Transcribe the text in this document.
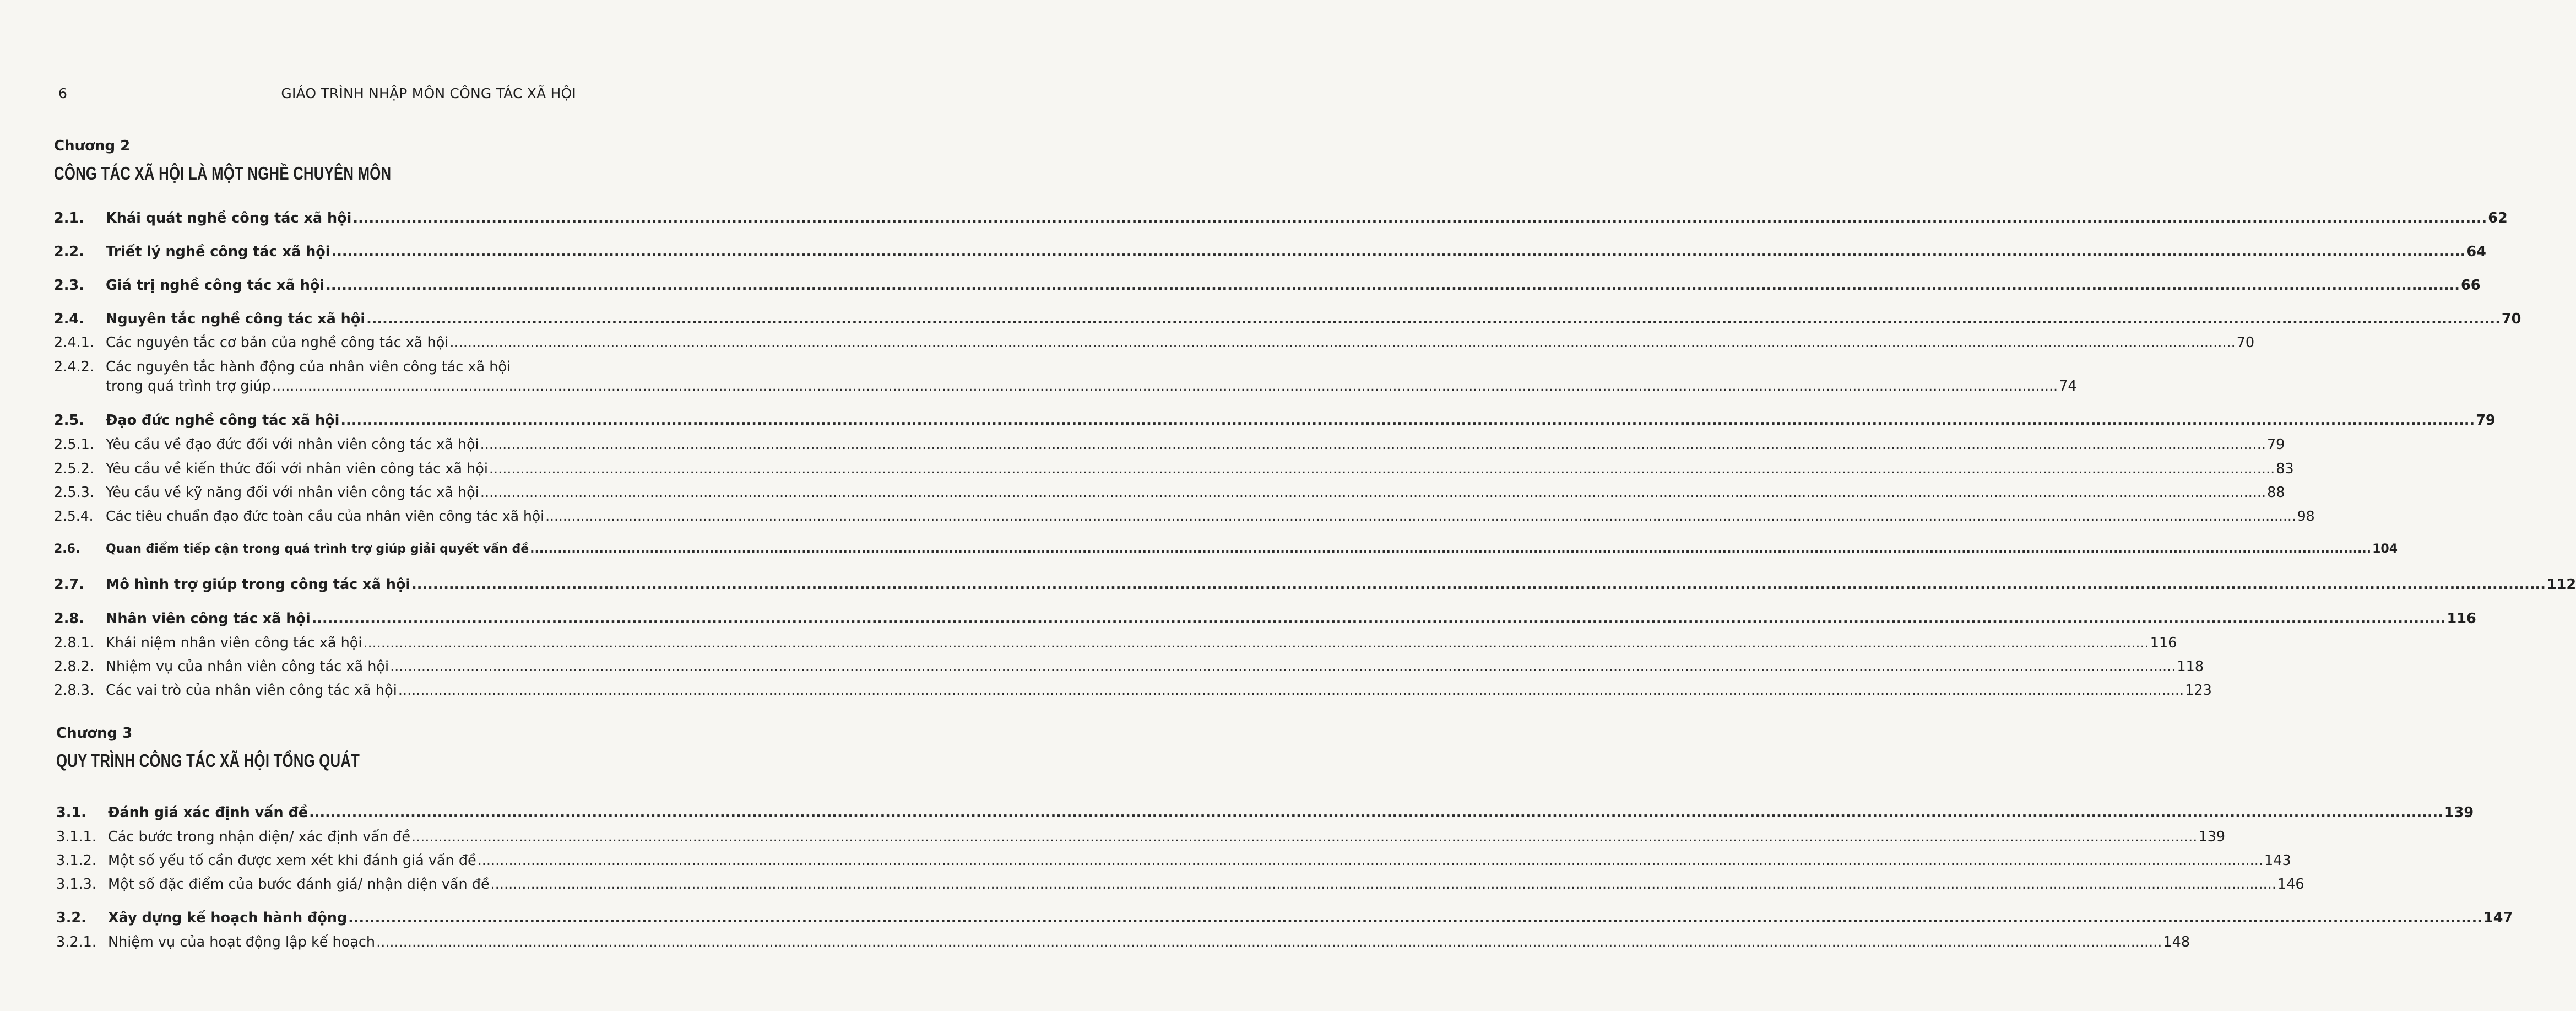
6	GIÁO TRÌNH NHẬP MÔN CÔNG TÁC XÃ HỘI
Chương 2
CÔNG TÁC XÃ HỘI LÀ MỘT NGHỀ CHUYÊN MÔN
Chương 3
QUY TRÌNH CÔNG TÁC XÃ HỘI TỔNG QUÁT
2.1.	Khái quát nghề công tác xã hội ................................................................................................................................................................................................................................................................................................................................................................................................................ 62
2.2.	Triết lý nghề công tác xã hội ................................................................................................................................................................................................................................................................................................................................................................................................................ 64
2.3.	Giá trị nghề công tác xã hội ................................................................................................................................................................................................................................................................................................................................................................................................................ 66
2.4.	Nguyên tắc nghề công tác xã hội ................................................................................................................................................................................................................................................................................................................................................................................................................ 70
2.4.1. Các nguyên tắc cơ bản của nghề công tác xã hội ................................................................................................................................................................................................................................................................................................................................................................................................................ 70
2.4.2. Các nguyên tắc hành động của nhân viên công tác xã hội
trong quá trình trợ giúp ................................................................................................................................................................................................................................................................................................................................................................................................................ 74
2.5.	Đạo đức nghề công tác xã hội ................................................................................................................................................................................................................................................................................................................................................................................................................ 79
2.5.1. Yêu cầu về đạo đức đối với nhân viên công tác xã hội ................................................................................................................................................................................................................................................................................................................................................................................................................ 79
2.5.2. Yêu cầu về kiến thức đối với nhân viên công tác xã hội ................................................................................................................................................................................................................................................................................................................................................................................................................ 83
2.5.3. Yêu cầu về kỹ năng đối với nhân viên công tác xã hội ................................................................................................................................................................................................................................................................................................................................................................................................................ 88
2.5.4. Các tiêu chuẩn đạo đức toàn cầu của nhân viên công tác xã hội ................................................................................................................................................................................................................................................................................................................................................................................................................ 98
2.6.	Quan điểm tiếp cận trong quá trình trợ giúp giải quyết vấn đề ................................................................................................................................................................................................................................................................................................................................................................................................................ 104
2.7.	Mô hình trợ giúp trong công tác xã hội ................................................................................................................................................................................................................................................................................................................................................................................................................ 112
2.8.	Nhân viên công tác xã hội ................................................................................................................................................................................................................................................................................................................................................................................................................ 116
2.8.1. Khái niệm nhân viên công tác xã hội ................................................................................................................................................................................................................................................................................................................................................................................................................ 116
2.8.2. Nhiệm vụ của nhân viên công tác xã hội ................................................................................................................................................................................................................................................................................................................................................................................................................ 118
2.8.3. Các vai trò của nhân viên công tác xã hội ................................................................................................................................................................................................................................................................................................................................................................................................................ 123
3.1.	Đánh giá xác định vấn đề ................................................................................................................................................................................................................................................................................................................................................................................................................ 139
3.1.1. Các bước trong nhận diện/ xác định vấn đề ................................................................................................................................................................................................................................................................................................................................................................................................................ 139
3.1.2. Một số yếu tố cần được xem xét khi đánh giá vấn đề ................................................................................................................................................................................................................................................................................................................................................................................................................ 143
3.1.3. Một số đặc điểm của bước đánh giá/ nhận diện vấn đề ................................................................................................................................................................................................................................................................................................................................................................................................................ 146
3.2.	Xây dựng kế hoạch hành động ................................................................................................................................................................................................................................................................................................................................................................................................................ 147
3.2.1. Nhiệm vụ của hoạt động lập kế hoạch ................................................................................................................................................................................................................................................................................................................................................................................................................ 148
